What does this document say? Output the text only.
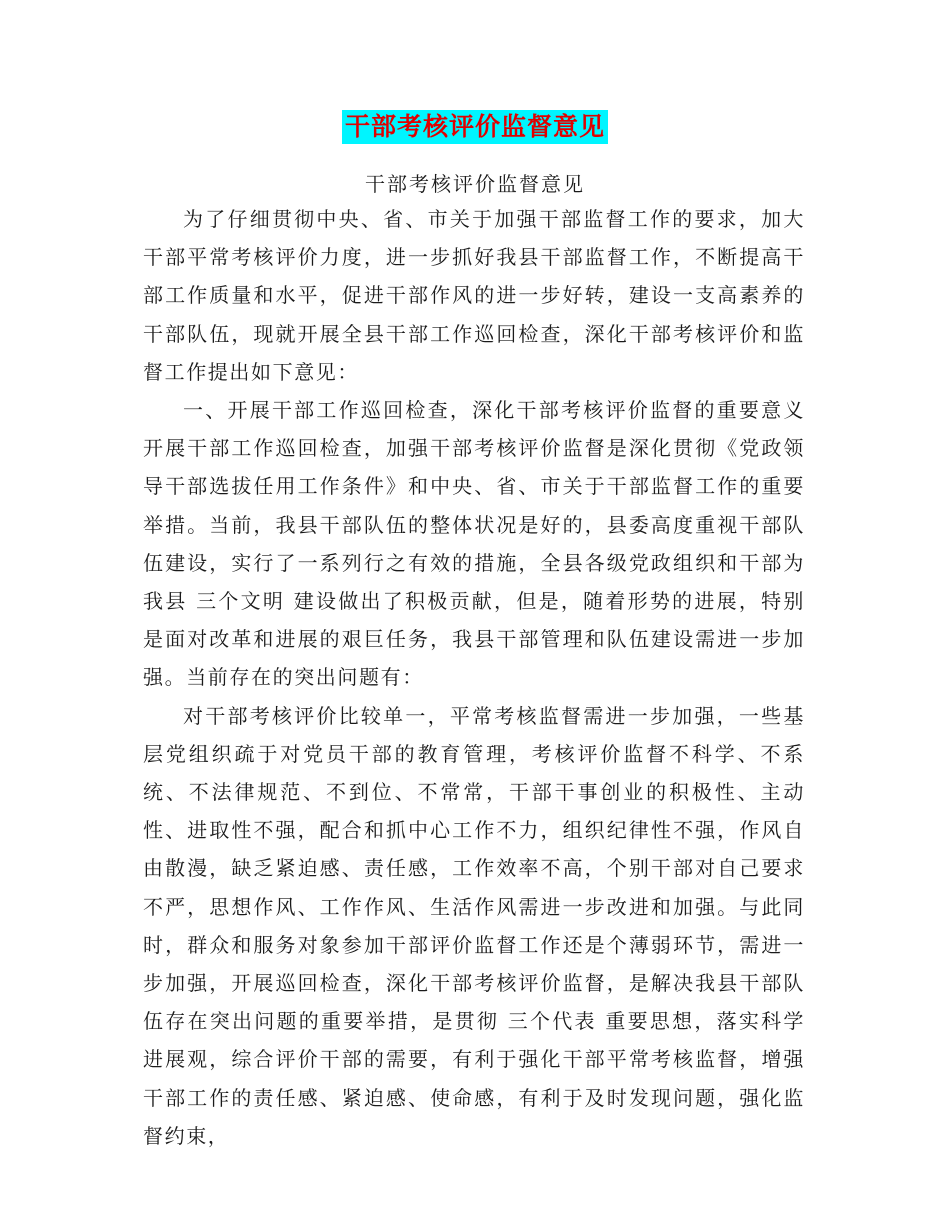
干部考核评价监督意见
干部考核评价监督意见

为了仔细贯彻中央、省、市关于加强干部监督工作的要求，加大干部平常考核评价力度，进一步抓好我县干部监督工作，不断提高干部工作质量和水平，促进干部作风的进一步好转，建设一支高素养的干部队伍，现就开展全县干部工作巡回检查，深化干部考核评价和监督工作提出如下意见：

一、开展干部工作巡回检查，深化干部考核评价监督的重要意义开展干部工作巡回检查，加强干部考核评价监督是深化贯彻《党政领导干部选拔任用工作条件》和中央、省、市关于干部监督工作的重要举措。当前，我县干部队伍的整体状况是好的，县委高度重视干部队伍建设，实行了一系列行之有效的措施，全县各级党政组织和干部为我县 三个文明 建设做出了积极贡献，但是，随着形势的进展，特别是面对改革和进展的艰巨任务，我县干部管理和队伍建设需进一步加强。当前存在的突出问题有：

对干部考核评价比较单一，平常考核监督需进一步加强，一些基层党组织疏于对党员干部的教育管理，考核评价监督不科学、不系统、不法律规范、不到位、不常常，干部干事创业的积极性、主动性、进取性不强，配合和抓中心工作不力，组织纪律性不强，作风自由散漫，缺乏紧迫感、责任感，工作效率不高，个别干部对自己要求不严，思想作风、工作作风、生活作风需进一步改进和加强。与此同时，群众和服务对象参加干部评价监督工作还是个薄弱环节，需进一步加强，开展巡回检查，深化干部考核评价监督，是解决我县干部队伍存在突出问题的重要举措，是贯彻 三个代表 重要思想，落实科学进展观，综合评价干部的需要，有利于强化干部平常考核监督，增强干部工作的责任感、紧迫感、使命感，有利于及时发现问题，强化监督约束，
